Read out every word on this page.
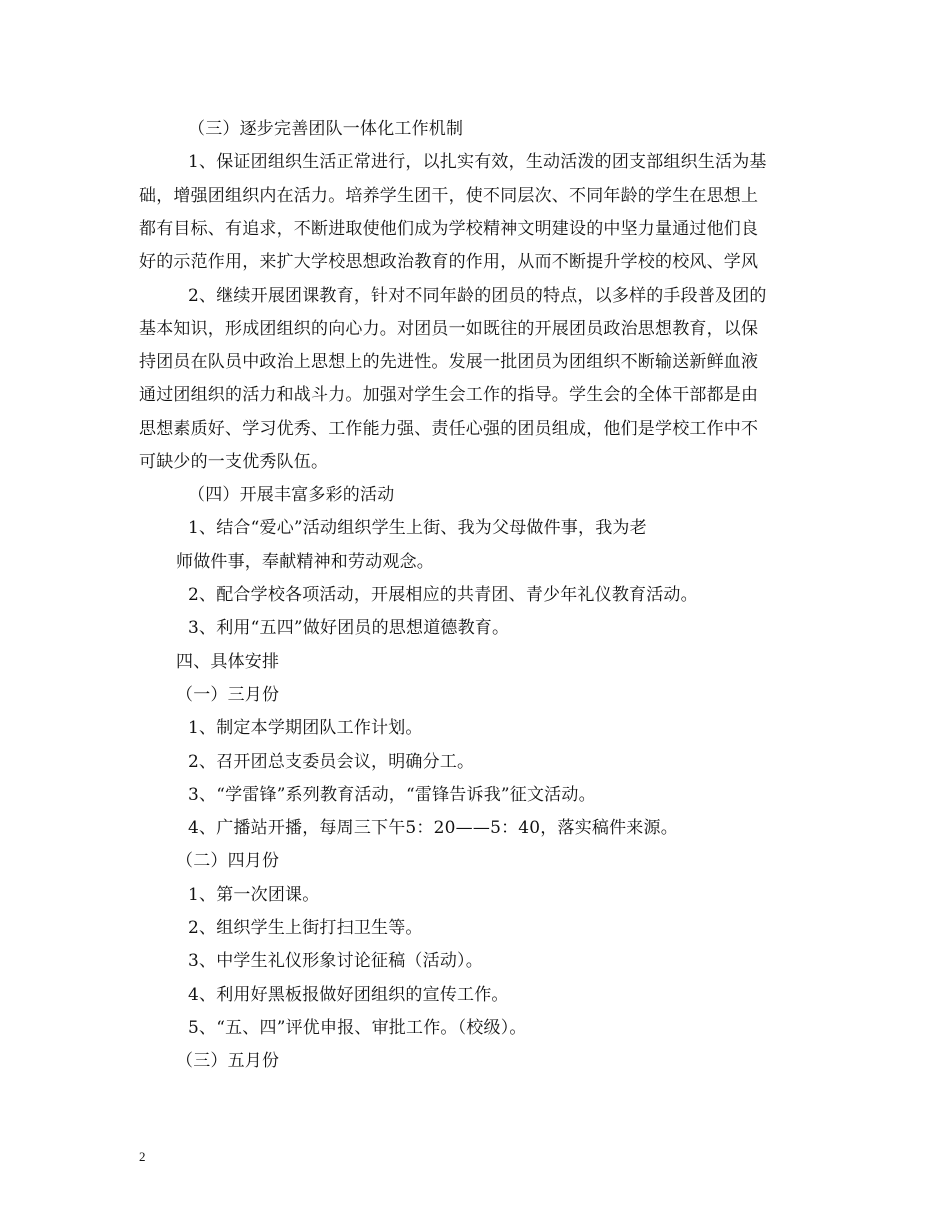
（三）逐步完善团队一体化工作机制
1、保证团组织生活正常进行，以扎实有效，生动活泼的团支部组织生活为基
础，增强团组织内在活力。培养学生团干，使不同层次、不同年龄的学生在思想上
都有目标、有追求，不断进取使他们成为学校精神文明建设的中坚力量通过他们良
好的示范作用，来扩大学校思想政治教育的作用，从而不断提升学校的校风、学风
2、继续开展团课教育，针对不同年龄的团员的特点，以多样的手段普及团的
基本知识，形成团组织的向心力。对团员一如既往的开展团员政治思想教育，以保
持团员在队员中政治上思想上的先进性。发展一批团员为团组织不断输送新鲜血液
通过团组织的活力和战斗力。加强对学生会工作的指导。学生会的全体干部都是由
思想素质好、学习优秀、工作能力强、责任心强的团员组成，他们是学校工作中不
可缺少的一支优秀队伍。
（四）开展丰富多彩的活动
1、结合“爱心”活动组织学生上街、我为父母做件事，我为老
师做件事，奉献精神和劳动观念。
2、配合学校各项活动，开展相应的共青团、青少年礼仪教育活动。
3、利用“五四”做好团员的思想道德教育。
四、具体安排
（一）三月份
1、制定本学期团队工作计划。
2、召开团总支委员会议，明确分工。
3、“学雷锋”系列教育活动，“雷锋告诉我”征文活动。
4、广播站开播，每周三下午5：20——5：40，落实稿件来源。
（二）四月份
1、第一次团课。
2、组织学生上街打扫卫生等。
3、中学生礼仪形象讨论征稿（活动）。
4、利用好黑板报做好团组织的宣传工作。
5、“五、四”评优申报、审批工作。（校级）。
（三）五月份
2
